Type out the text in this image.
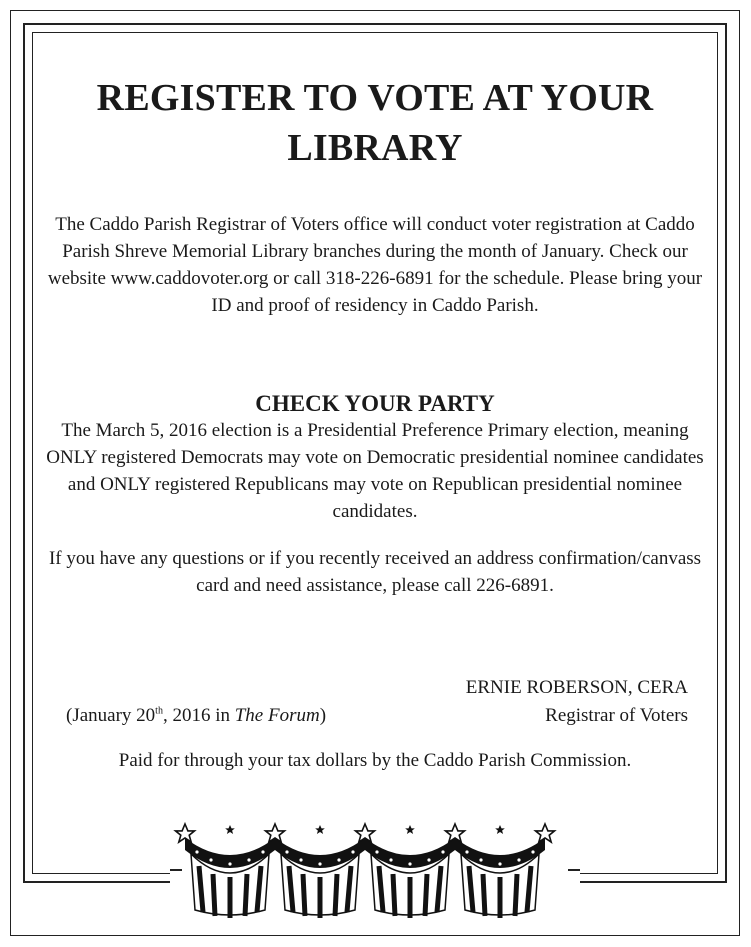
REGISTER TO VOTE AT YOUR LIBRARY

The Caddo Parish Registrar of Voters office will conduct voter registration at Caddo Parish Shreve Memorial Library branches during the month of January. Check our website www.caddovoter.org or call 318-226-6891 for the schedule. Please bring your ID and proof of residency in Caddo Parish.

CHECK YOUR PARTY

The March 5, 2016 election is a Presidential Preference Primary election, meaning ONLY registered Democrats may vote on Democratic presidential nominee candidates and ONLY registered Republicans may vote on Republican presidential nominee candidates.

If you have any questions or if you recently received an address confirmation/canvass card and need assistance, please call 226-6891.

ERNIE ROBERSON, CERA
(January 20th, 2016 in The Forum)	Registrar of Voters

Paid for through your tax dollars by the Caddo Parish Commission.
